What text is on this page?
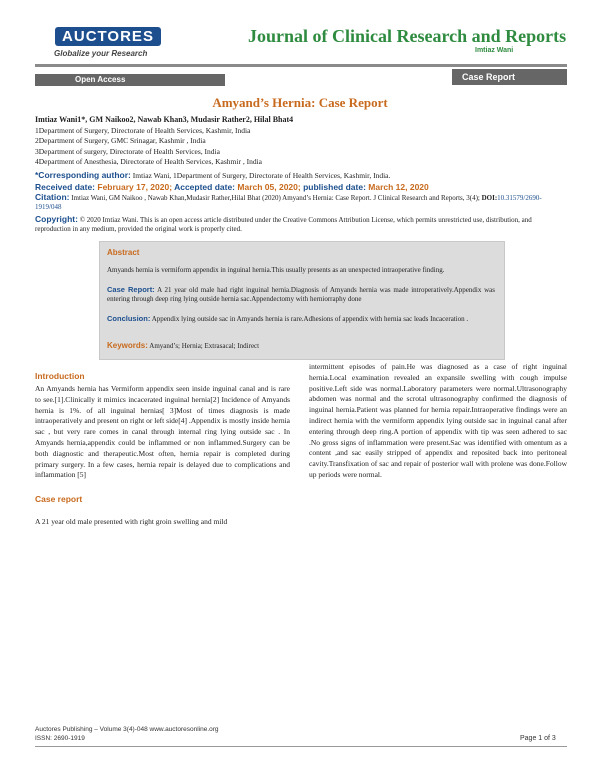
AUCTORES
Globalize your Research
Journal of Clinical Research and Reports
Imtiaz Wani
Open Access	Case Report
Amyand’s Hernia: Case Report
Imtiaz Wani1*, GM Naikoo2, Nawab Khan3, Mudasir Rather2, Hilal Bhat4
1Department of Surgery, Directorate of Health Services, Kashmir, India
2Department of Surgery, GMC Srinagar, Kashmir , India
3Department of surgery, Directorate of Health Services, India
4Department of Anesthesia, Directorate of Health Services, Kashmir , India
*Corresponding author: Imtiaz Wani, 1Department of Surgery, Directorate of Health Services, Kashmir, India.
Received date: February 17, 2020; Accepted date: March 05, 2020; published date: March 12, 2020
Citation: Imtiaz Wani, GM Naikoo , Nawab Khan,Mudasir Rather,Hilal Bhat (2020) Amyand’s Hernia: Case Report. J Clinical Research and Reports, 3(4); DOI:10.31579/2690-1919/048
Copyright: © 2020 Imtiaz Wani. This is an open access article distributed under the Creative Commons Attribution License, which permits unrestricted use, distribution, and reproduction in any medium, provided the original work is properly cited.
Abstract
Amyands hernia is vermiform appendix in inguinal hernia.This usually presents as an unexpected intraoperative finding.
Case Report: A 21 year old male had right inguinal hernia.Diagnosis of Amyands hernia was made introperatively.Appendix was entering through deep ring lying outside hernia sac.Appendectomy with herniorraphy done
Conclusion: Appendix lying outside sac in Amyands hernia is rare.Adhesions of appendix with hernia sac leads Incaceration .
Keywords: Amyand’s; Hernia; Extrasacal; Indirect
Introduction
An Amyands hernia has Vermiform appendix seen inside inguinal canal and is rare to see.[1].Clinically it mimics incacerated inguinal hernia[2] Incidence of Amyands hernia is 1%. of all inguinal hernias[ 3]Most of times diagnosis is made intraoperatively and present on right or left side[4] .Appendix is mostly inside hernia sac , but very rare comes in canal through internal ring lying outside sac . In Amyands hernia,appendix could be inflammed or non inflammed.Surgery can be both diagnostic and therapeutic.Most often, hernia repair is completed during primary surgery. In a few cases, hernia repair is delayed due to complications and inflammation [5]
Case report
A 21 year old male presented with right groin swelling and mild
intermittent episodes of pain.He was diagnosed as a case of right inguinal hernia.Local examination revealed an expansile swelling with cough impulse positive.Left side was normal.Laboratory parameters were normal.Ultrasonography abdomen was normal and the scrotal ultrasonography confirmed the diagnosis of inguinal hernia.Patient was planned for hernia repair.Intraoperative findings were an indirect hernia with the vermiform appendix lying outside sac in inguinal canal after entering through deep ring.A portion of appendix with tip was seen adhered to sac .No gross signs of inflammation were present.Sac was identified with omentum as a content ,and sac easily stripped of appendix and reposited back into peritoneal cavity.Transfixation of sac and repair of posterior wall with prolene was done.Follow up periods were normal.
Auctores Publishing – Volume 3(4)-048 www.auctoresonline.org
ISSN: 2690-1919	Page 1 of 3
